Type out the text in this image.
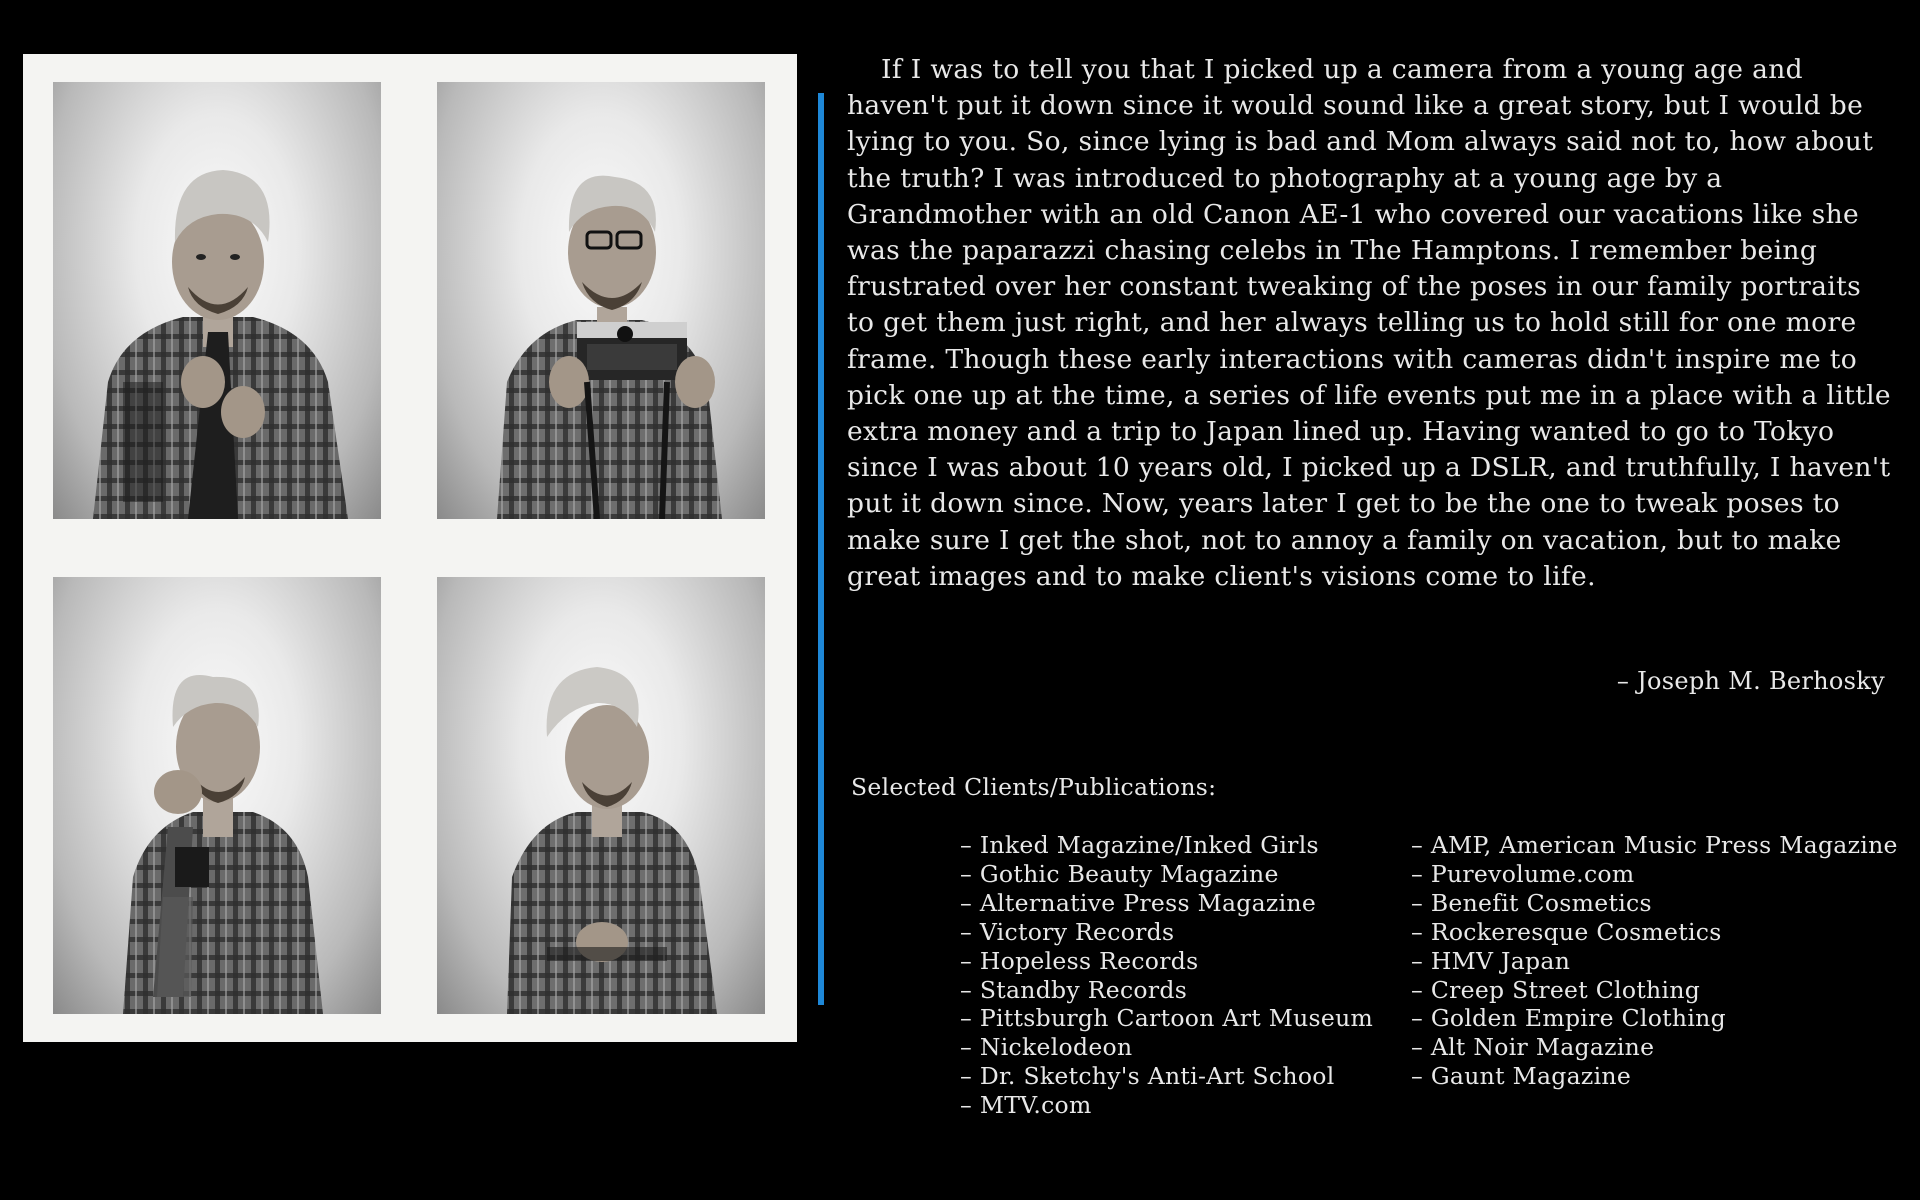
If I was to tell you that I picked up a camera from a young age and haven't put it down since it would sound like a great story, but I would be lying to you. So, since lying is bad and Mom always said not to, how about the truth? I was introduced to photography at a young age by a Grandmother with an old Canon AE-1 who covered our vacations like she was the paparazzi chasing celebs in The Hamptons. I remember being frustrated over her constant tweaking of the poses in our family portraits to get them just right, and her always telling us to hold still for one more frame. Though these early interactions with cameras didn't inspire me to pick one up at the time, a series of life events put me in a place with a little extra money and a trip to Japan lined up. Having wanted to go to Tokyo since I was about 10 years old, I picked up a DSLR, and truthfully, I haven't put it down since. Now, years later I get to be the one to tweak poses to make sure I get the shot, not to annoy a family on vacation, but to make great images and to make client's visions come to life.

– Joseph M. Berhosky
Selected Clients/Publications:
– Inked Magazine/Inked Girls
– Gothic Beauty Magazine
– Alternative Press Magazine
– Victory Records
– Hopeless Records
– Standby Records
– Pittsburgh Cartoon Art Museum
– Nickelodeon
– Dr. Sketchy's Anti-Art School
– MTV.com
– AMP, American Music Press Magazine
– Purevolume.com
– Benefit Cosmetics
– Rockeresque Cosmetics
– HMV Japan
– Creep Street Clothing
– Golden Empire Clothing
– Alt Noir Magazine
– Gaunt Magazine
